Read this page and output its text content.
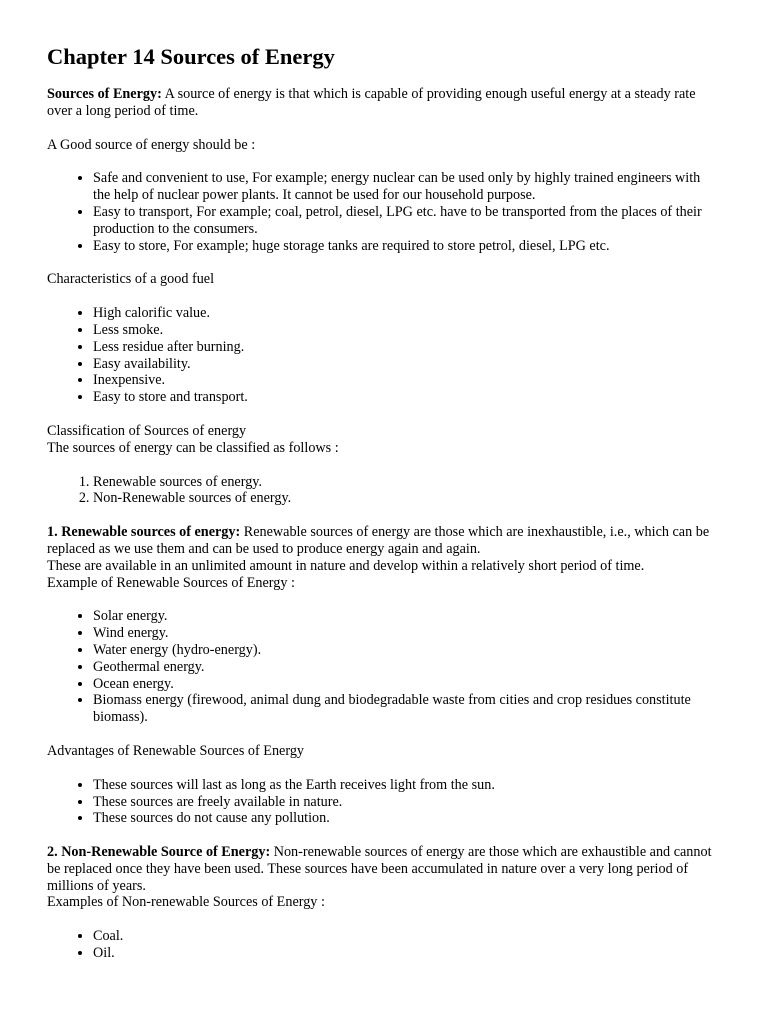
Chapter 14 Sources of Energy

Sources of Energy: A source of energy is that which is capable of providing enough useful energy at a steady rate over a long period of time.

A Good source of energy should be :

• Safe and convenient to use, For example; energy nuclear can be used only by highly trained engineers with the help of nuclear power plants. It cannot be used for our household purpose.
• Easy to transport, For example; coal, petrol, diesel, LPG etc. have to be transported from the places of their production to the consumers.
• Easy to store, For example; huge storage tanks are required to store petrol, diesel, LPG etc.

Characteristics of a good fuel

• High calorific value.
• Less smoke.
• Less residue after burning.
• Easy availability.
• Inexpensive.
• Easy to store and transport.

Classification of Sources of energy

The sources of energy can be classified as follows :

1. Renewable sources of energy.
2. Non-Renewable sources of energy.

1. Renewable sources of energy: Renewable sources of energy are those which are inexhaustible, i.e., which can be replaced as we use them and can be used to produce energy again and again.

These are available in an unlimited amount in nature and develop within a relatively short period of time.

Example of Renewable Sources of Energy :

• Solar energy.
• Wind energy.
• Water energy (hydro-energy).
• Geothermal energy.
• Ocean energy.
• Biomass energy (firewood, animal dung and biodegradable waste from cities and crop residues constitute biomass).

Advantages of Renewable Sources of Energy

• These sources will last as long as the Earth receives light from the sun.
• These sources are freely available in nature.
• These sources do not cause any pollution.

2. Non-Renewable Source of Energy: Non-renewable sources of energy are those which are exhaustible and cannot be replaced once they have been used. These sources have been accumulated in nature over a very long period of millions of years.

Examples of Non-renewable Sources of Energy :

• Coal.
• Oil.
